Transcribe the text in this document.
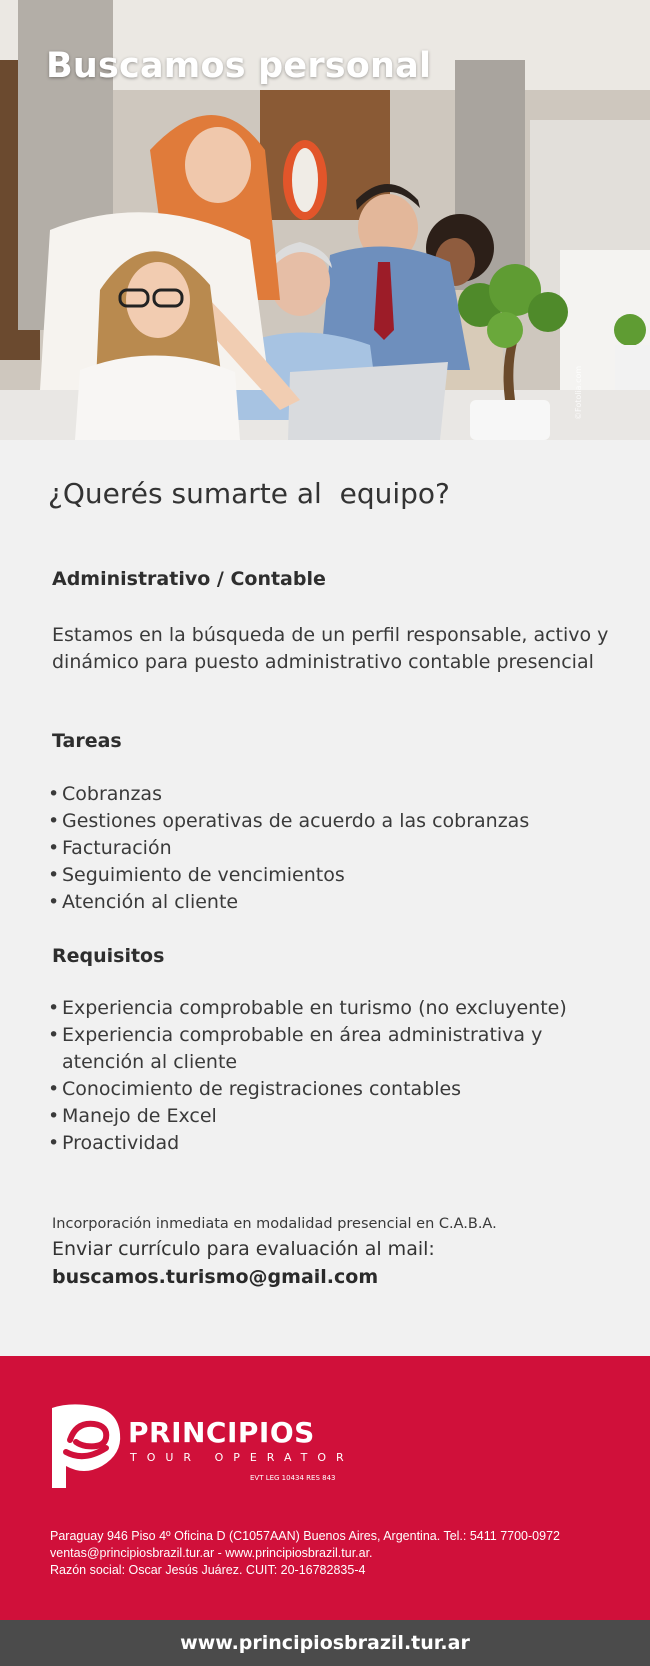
Buscamos personal
©Fotolia.com
¿Querés sumarte al  equipo?
Administrativo / Contable
Estamos en la búsqueda de un perfil responsable, activo y dinámico para puesto administrativo contable presencial
Tareas
• Cobranzas
• Gestiones operativas de acuerdo a las cobranzas
• Facturación
• Seguimiento de vencimientos
• Atención al cliente
Requisitos
• Experiencia comprobable en turismo (no excluyente)
• Experiencia comprobable en área administrativa y atención al cliente
• Conocimiento de registraciones contables
• Manejo de Excel
• Proactividad
Incorporación inmediata en modalidad presencial en C.A.B.A.
Enviar currículo para evaluación al mail:
buscamos.turismo@gmail.com
PRINCIPIOS
TOUR OPERATOR
EVT LEG 10434 RES 843
Paraguay 946 Piso 4º Oficina D (C1057AAN) Buenos Aires, Argentina. Tel.: 5411 7700-0972
ventas@principiosbrazil.tur.ar - www.principiosbrazil.tur.ar.
Razón social: Oscar Jesús Juárez. CUIT: 20-16782835-4
www.principiosbrazil.tur.ar
